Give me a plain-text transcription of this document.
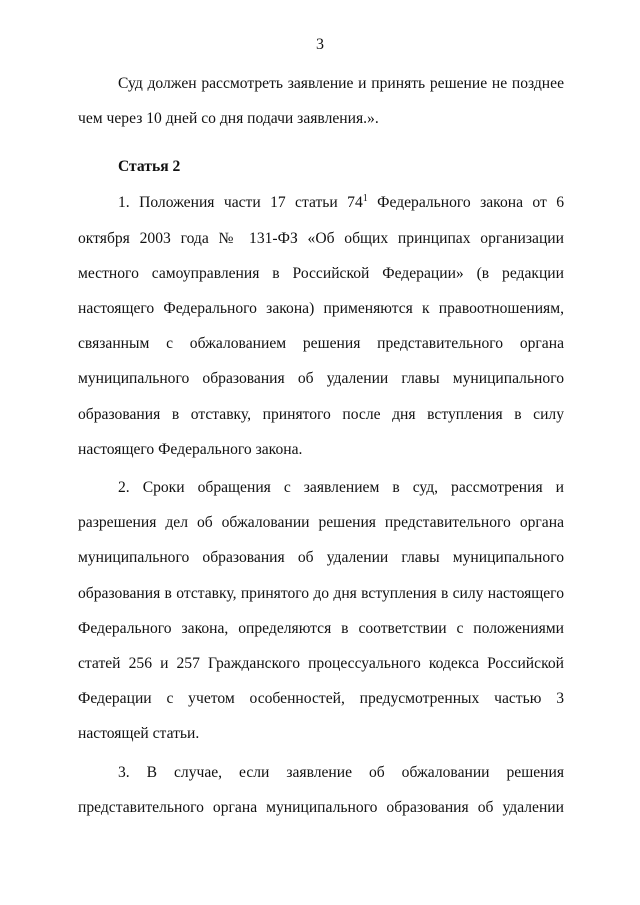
3

Суд должен рассмотреть заявление и принять решение не позднее чем через 10 дней со дня подачи заявления.».

Статья 2

1. Положения части 17 статьи $74^1$ Федерального закона от 6 октября 2003 года № 131-ФЗ «Об общих принципах организации местного самоуправления в Российской Федерации» (в редакции настоящего Федерального закона) применяются к правоотношениям, связанным с обжалованием решения представительного органа муниципального образования об удалении главы муниципального образования в отставку, принятого после дня вступления в силу настоящего Федерального закона.

2. Сроки обращения с заявлением в суд, рассмотрения и разрешения дел об обжаловании решения представительного органа муниципального образования об удалении главы муниципального образования в отставку, принятого до дня вступления в силу настоящего Федерального закона, определяются в соответствии с положениями статей 256 и 257 Гражданского процессуального кодекса Российской Федерации с учетом особенностей, предусмотренных частью 3 настоящей статьи.

3. В случае, если заявление об обжаловании решения представительного органа муниципального образования об удалении
